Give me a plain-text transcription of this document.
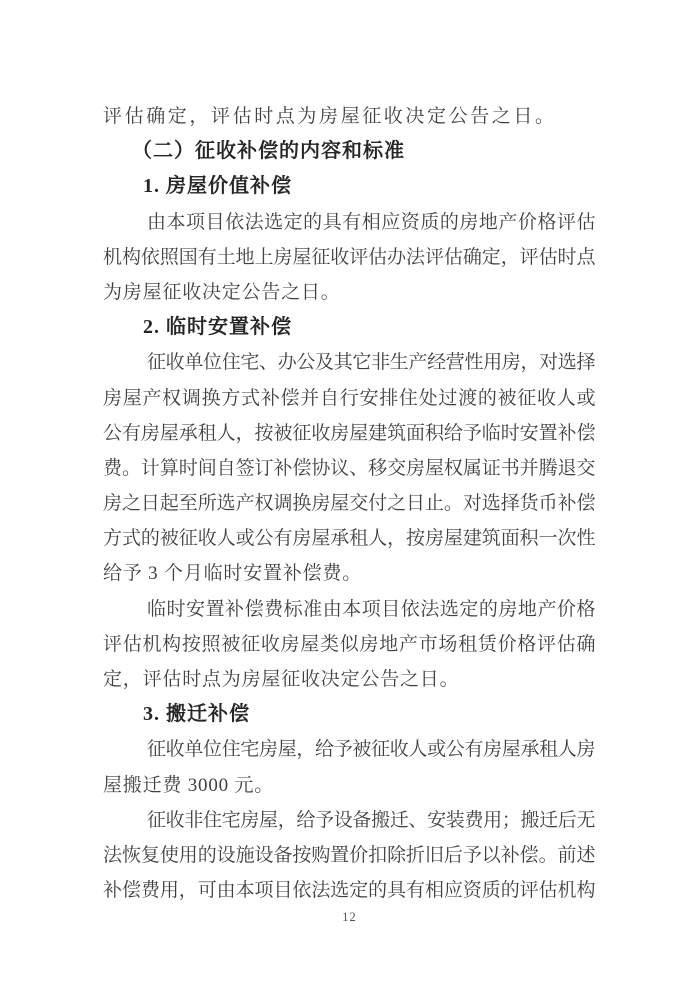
评估确定，评估时点为房屋征收决定公告之日。
（二）征收补偿的内容和标准
1. 房屋价值补偿
由本项目依法选定的具有相应资质的房地产价格评估
机构依照国有土地上房屋征收评估办法评估确定，评估时点
为房屋征收决定公告之日。
2. 临时安置补偿
征收单位住宅、办公及其它非生产经营性用房，对选择
房屋产权调换方式补偿并自行安排住处过渡的被征收人或
公有房屋承租人，按被征收房屋建筑面积给予临时安置补偿
费。计算时间自签订补偿协议、移交房屋权属证书并腾退交
房之日起至所选产权调换房屋交付之日止。对选择货币补偿
方式的被征收人或公有房屋承租人，按房屋建筑面积一次性
给予 3 个月临时安置补偿费。
临时安置补偿费标准由本项目依法选定的房地产价格
评估机构按照被征收房屋类似房地产市场租赁价格评估确
定，评估时点为房屋征收决定公告之日。
3. 搬迁补偿
征收单位住宅房屋，给予被征收人或公有房屋承租人房
屋搬迁费 3000 元。
征收非住宅房屋，给予设备搬迁、安装费用；搬迁后无
法恢复使用的设施设备按购置价扣除折旧后予以补偿。前述
补偿费用，可由本项目依法选定的具有相应资质的评估机构
12
